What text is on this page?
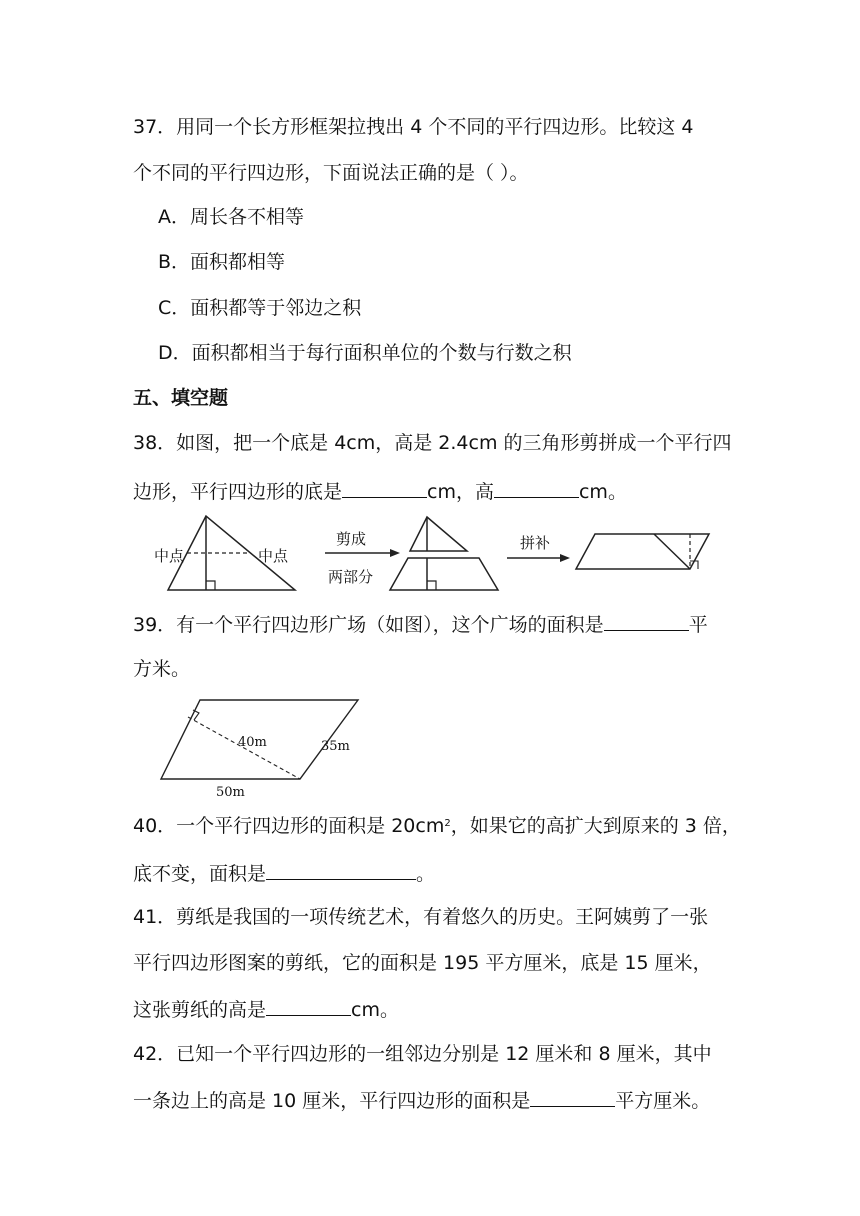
37．用同一个长方形框架拉拽出 4 个不同的平行四边形。比较这 4
个不同的平行四边形，下面说法正确的是（ ）。
A．周长各不相等
B．面积都相等
C．面积都等于邻边之积
D．面积都相当于每行面积单位的个数与行数之积
五、填空题
38．如图，把一个底是 4cm，高是 2.4cm 的三角形剪拼成一个平行四
边形，平行四边形的底是	cm，高	cm。
中点	中点
剪成
两部分
拼补
39．有一个平行四边形广场（如图），这个广场的面积是	平
方米。
40m	35m
50m
40．一个平行四边形的面积是 $20cm^2$，如果它的高扩大到原来的 3 倍，
底不变，面积是	。
41．剪纸是我国的一项传统艺术，有着悠久的历史。王阿姨剪了一张
平行四边形图案的剪纸，它的面积是 195 平方厘米，底是 15 厘米，
这张剪纸的高是	cm。
42．已知一个平行四边形的一组邻边分别是 12 厘米和 8 厘米，其中
一条边上的高是 10 厘米，平行四边形的面积是	平方厘米。
